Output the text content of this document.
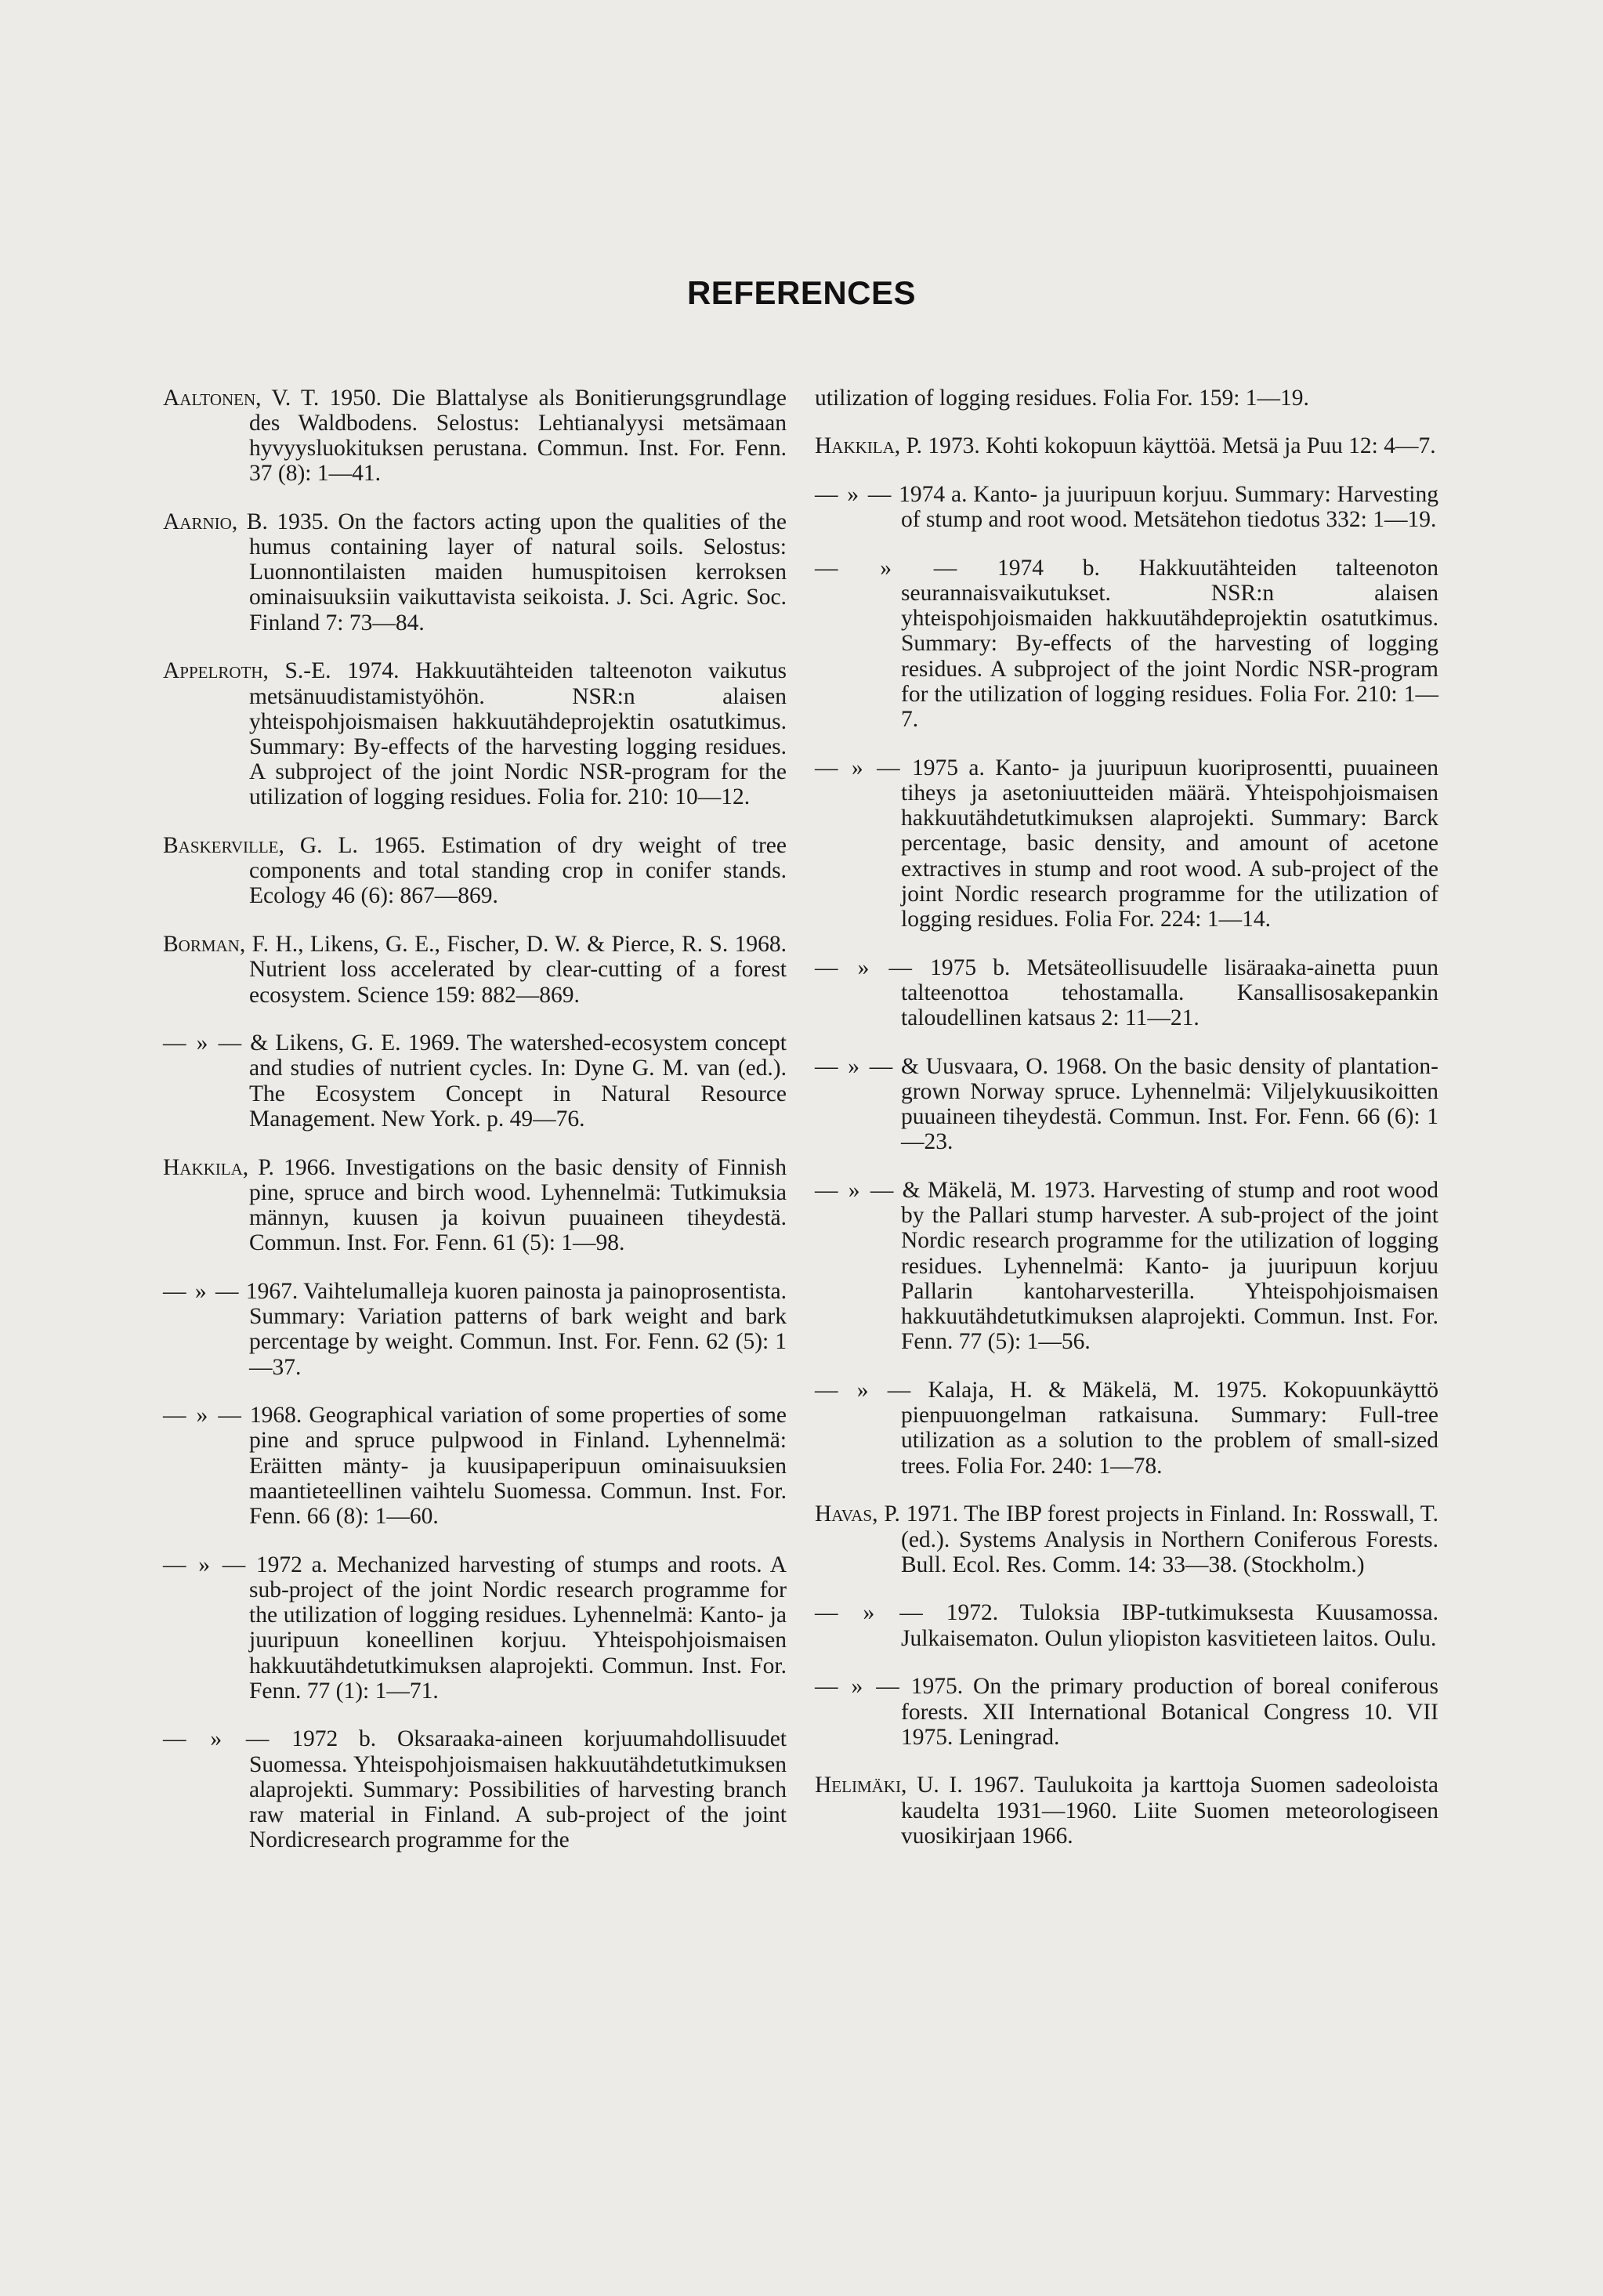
REFERENCES

Aaltonen, V. T. 1950. Die Blattalyse als Bonitierungsgrundlage des Waldbodens. Selostus: Lehtianalyysi metsämaan hyvyysluokituksen perustana. Commun. Inst. For. Fenn. 37 (8): 1—41.

Aarnio, B. 1935. On the factors acting upon the qualities of the humus containing layer of natural soils. Selostus: Luonnontilaisten maiden humuspitoisen kerroksen ominaisuuksiin vaikuttavista seikoista. J. Sci. Agric. Soc. Finland 7: 73—84.

Appelroth, S.-E. 1974. Hakkuutähteiden talteenoton vaikutus metsänuudistamistyöhön. NSR:n alaisen yhteispohjoismaisen hakkuutähdeprojektin osatutkimus. Summary: By-effects of the harvesting logging residues. A subproject of the joint Nordic NSR-program for the utilization of logging residues. Folia for. 210: 10—12.

Baskerville, G. L. 1965. Estimation of dry weight of tree components and total standing crop in conifer stands. Ecology 46 (6): 867—869.

Borman, F. H., Likens, G. E., Fischer, D. W. & Pierce, R. S. 1968. Nutrient loss accelerated by clear-cutting of a forest ecosystem. Science 159: 882—869.

— » — & Likens, G. E. 1969. The watershed-ecosystem concept and studies of nutrient cycles. In: Dyne G. M. van (ed.). The Ecosystem Concept in Natural Resource Management. New York. p. 49—76.

Hakkila, P. 1966. Investigations on the basic density of Finnish pine, spruce and birch wood. Lyhennelmä: Tutkimuksia männyn, kuusen ja koivun puuaineen tiheydestä. Commun. Inst. For. Fenn. 61 (5): 1—98.

— » — 1967. Vaihtelumalleja kuoren painosta ja painoprosentista. Summary: Variation patterns of bark weight and bark percentage by weight. Commun. Inst. For. Fenn. 62 (5): 1—37.

— » — 1968. Geographical variation of some properties of some pine and spruce pulpwood in Finland. Lyhennelmä: Eräitten mänty- ja kuusipaperipuun ominaisuuksien maantieteellinen vaihtelu Suomessa. Commun. Inst. For. Fenn. 66 (8): 1—60.

— » — 1972 a. Mechanized harvesting of stumps and roots. A sub-project of the joint Nordic research programme for the utilization of logging residues. Lyhennelmä: Kanto- ja juuripuun koneellinen korjuu. Yhteispohjoismaisen hakkuutähdetutkimuksen alaprojekti. Commun. Inst. For. Fenn. 77 (1): 1—71.

— » — 1972 b. Oksaraaka-aineen korjuumahdollisuudet Suomessa. Yhteispohjoismaisen hakkuutähdetutkimuksen alaprojekti. Summary: Possibilities of harvesting branch raw material in Finland. A sub-project of the joint Nordicresearch programme for the

utilization of logging residues. Folia For. 159: 1—19.

Hakkila, P. 1973. Kohti kokopuun käyttöä. Metsä ja Puu 12: 4—7.

— » — 1974 a. Kanto- ja juuripuun korjuu. Summary: Harvesting of stump and root wood. Metsätehon tiedotus 332: 1—19.

— » — 1974 b. Hakkuutähteiden talteenoton seurannaisvaikutukset. NSR:n alaisen yhteispohjoismaiden hakkuutähdeprojektin osatutkimus. Summary: By-effects of the harvesting of logging residues. A subproject of the joint Nordic NSR-program for the utilization of logging residues. Folia For. 210: 1—7.

— » — 1975 a. Kanto- ja juuripuun kuoriprosentti, puuaineen tiheys ja asetoniuutteiden määrä. Yhteispohjoismaisen hakkuutähdetutkimuksen alaprojekti. Summary: Barck percentage, basic density, and amount of acetone extractives in stump and root wood. A sub-project of the joint Nordic research programme for the utilization of logging residues. Folia For. 224: 1—14.

— » — 1975 b. Metsäteollisuudelle lisäraaka-ainetta puun talteenottoa tehostamalla. Kansallisosakepankin taloudellinen katsaus 2: 11—21.

— » — & Uusvaara, O. 1968. On the basic density of plantation-grown Norway spruce. Lyhennelmä: Viljelykuusikoitten puuaineen tiheydestä. Commun. Inst. For. Fenn. 66 (6): 1—23.

— » — & Mäkelä, M. 1973. Harvesting of stump and root wood by the Pallari stump harvester. A sub-project of the joint Nordic research programme for the utilization of logging residues. Lyhennelmä: Kanto- ja juuripuun korjuu Pallarin kantoharvesterilla. Yhteispohjoismaisen hakkuutähdetutkimuksen alaprojekti. Commun. Inst. For. Fenn. 77 (5): 1—56.

— » — Kalaja, H. & Mäkelä, M. 1975. Kokopuunkäyttö pienpuuongelman ratkaisuna. Summary: Full-tree utilization as a solution to the problem of small-sized trees. Folia For. 240: 1—78.

Havas, P. 1971. The IBP forest projects in Finland. In: Rosswall, T. (ed.). Systems Analysis in Northern Coniferous Forests. Bull. Ecol. Res. Comm. 14: 33—38. (Stockholm.)

— » — 1972. Tuloksia IBP-tutkimuksesta Kuusamossa. Julkaisematon. Oulun yliopiston kasvitieteen laitos. Oulu.

— » — 1975. On the primary production of boreal coniferous forests. XII International Botanical Congress 10. VII 1975. Leningrad.

Helimäki, U. I. 1967. Taulukoita ja karttoja Suomen sadeoloista kaudelta 1931—1960. Liite Suomen meteorologiseen vuosikirjaan 1966.
